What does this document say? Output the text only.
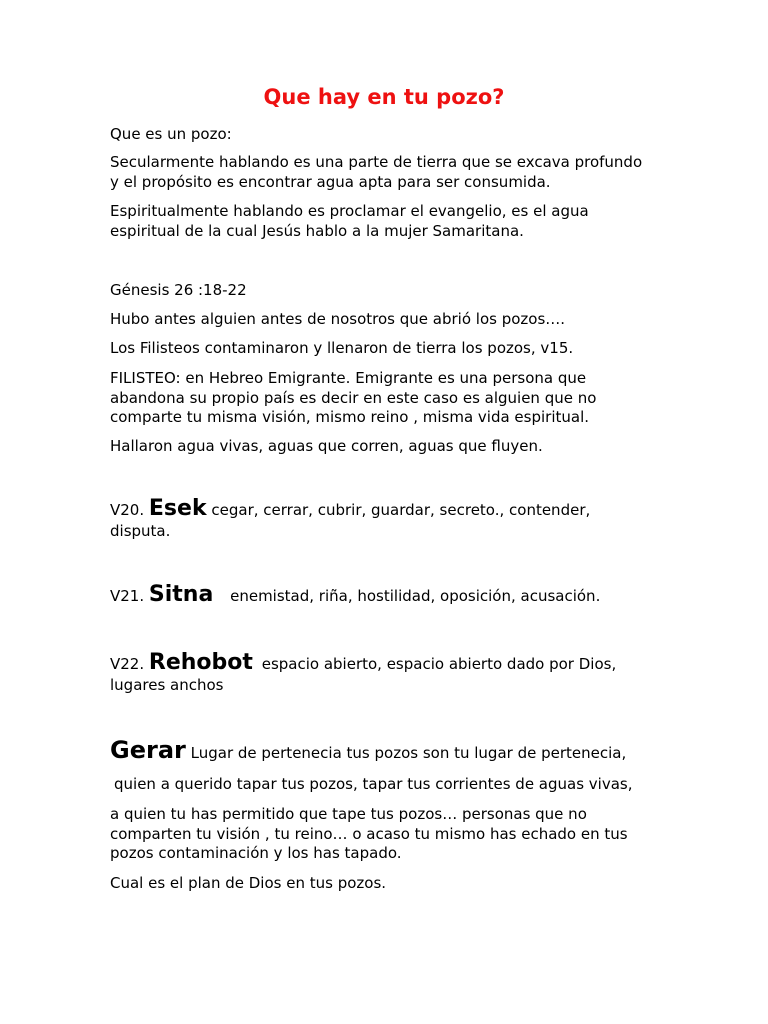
Que hay en tu pozo?
Que es un pozo:
Secularmente hablando es una parte de tierra que se excava profundo y el propósito es encontrar agua apta para ser consumida.
Espiritualmente hablando es proclamar el evangelio, es el agua espiritual de la cual Jesús hablo a la mujer Samaritana.
Génesis 26 :18-22
Hubo antes alguien antes de nosotros que abrió los pozos….
Los Filisteos contaminaron y llenaron de tierra los pozos, v15.
FILISTEO: en Hebreo Emigrante. Emigrante es una persona que abandona su propio país es decir en este caso es alguien que no comparte tu misma visión, mismo reino , misma vida espiritual.
Hallaron agua vivas, aguas que corren, aguas que fluyen.
V20. Esek cegar, cerrar, cubrir, guardar, secreto., contender, disputa.
V21. Sitna enemistad, riña, hostilidad, oposición, acusación.
V22. Rehobot espacio abierto, espacio abierto dado por Dios, lugares anchos
Gerar Lugar de pertenecia tus pozos son tu lugar de pertenecia,
quien a querido tapar tus pozos, tapar tus corrientes de aguas vivas,
a quien tu has permitido que tape tus pozos… personas que no comparten tu visión , tu reino… o acaso tu mismo has echado en tus pozos contaminación y los has tapado.
Cual es el plan de Dios en tus pozos.
